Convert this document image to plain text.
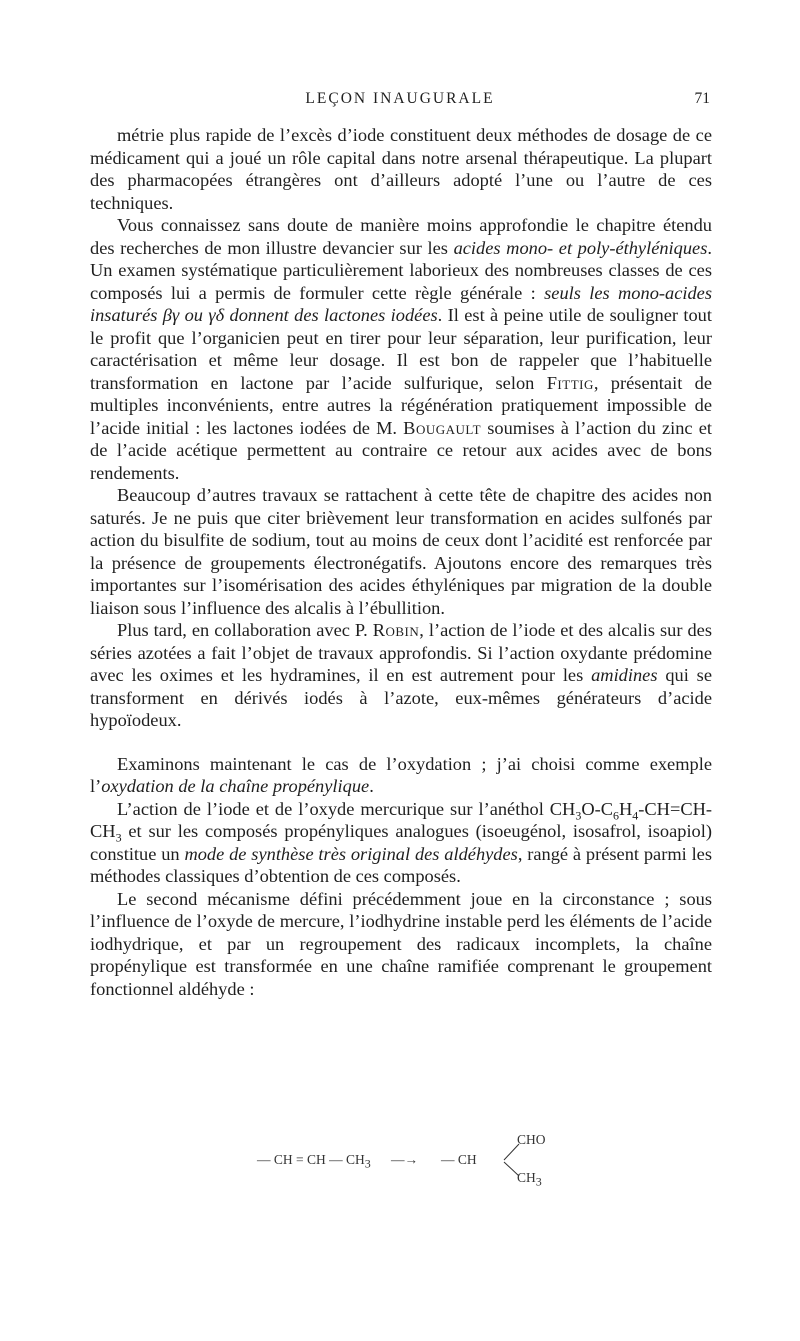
LEÇON INAUGURALE	71

métrie plus rapide de l’excès d’iode constituent deux méthodes de dosage de ce médicament qui a joué un rôle capital dans notre arsenal thérapeutique. La plupart des pharmacopées étrangères ont d’ailleurs adopté l’une ou l’autre de ces techniques.

Vous connaissez sans doute de manière moins approfondie le chapitre étendu des recherches de mon illustre devancier sur les acides mono- et poly-éthyléniques. Un examen systématique particulièrement laborieux des nombreuses classes de ces composés lui a permis de formuler cette règle générale : seuls les mono-acides insaturés βγ ou γδ donnent des lactones iodées. Il est à peine utile de souligner tout le profit que l’organicien peut en tirer pour leur séparation, leur purification, leur caractérisation et même leur dosage. Il est bon de rappeler que l’habituelle transformation en lactone par l’acide sulfurique, selon Fittig, présentait de multiples inconvénients, entre autres la régénération pratiquement impossible de l’acide initial : les lactones iodées de M. Bougault soumises à l’action du zinc et de l’acide acétique permettent au contraire ce retour aux acides avec de bons rendements.

Beaucoup d’autres travaux se rattachent à cette tête de chapitre des acides non saturés. Je ne puis que citer brièvement leur transformation en acides sulfonés par action du bisulfite de sodium, tout au moins de ceux dont l’acidité est renforcée par la présence de groupements électronégatifs. Ajoutons encore des remarques très importantes sur l’isomérisation des acides éthyléniques par migration de la double liaison sous l’influence des alcalis à l’ébullition.

Plus tard, en collaboration avec P. Robin, l’action de l’iode et des alcalis sur des séries azotées a fait l’objet de travaux approfondis. Si l’action oxydante prédomine avec les oximes et les hydramines, il en est autrement pour les amidines qui se transforment en dérivés iodés à l’azote, eux-mêmes générateurs d’acide hypoïodeux.

Examinons maintenant le cas de l’oxydation ; j’ai choisi comme exemple l’oxydation de la chaîne propénylique.

L’action de l’iode et de l’oxyde mercurique sur l’anéthol $CH_3O-C_6H_4-CH=CH-CH_3$ et sur les composés propényliques analogues (isoeugénol, isosafrol, isoapiol) constitue un mode de synthèse très original des aldéhydes, rangé à présent parmi les méthodes classiques d’obtention de ces composés.

Le second mécanisme défini précédemment joue en la circonstance ; sous l’influence de l’oxyde de mercure, l’iodhydrine instable perd les éléments de l’acide iodhydrique, et par un regroupement des radicaux incomplets, la chaîne propénylique est transformée en une chaîne ramifiée comprenant le groupement fonctionnel aldéhyde :

— CH = CH — $CH_3$ —→ — CH
CHO
$CH_3$
